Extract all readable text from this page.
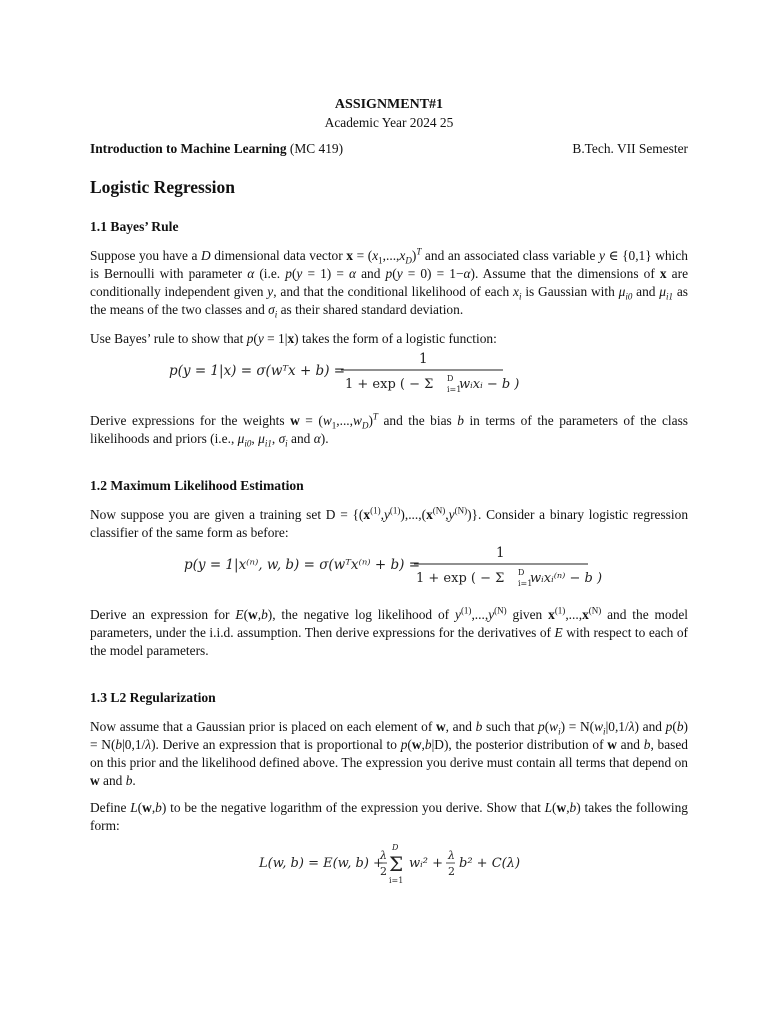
ASSIGNMENT#1

Academic Year 2024 25

Introduction to Machine Learning (MC 419)	B.Tech. VII Semester
Logistic Regression
1.1 Bayes’ Rule

Suppose you have a D dimensional data vector $x = (x_1,...,x_D)^T$ and an associated class variable y ∈ {0,1} which is Bernoulli with parameter α (i.e. p(y = 1) = α and p(y = 0) = 1−α). Assume that the dimensions of x are conditionally independent given y, and that the conditional likelihood of each $x_i$ is Gaussian with $\mu_{i0}$ and $\mu_{i1}$ as the means of the two classes and $\sigma_i$ as their shared standard deviation.

Use Bayes’ rule to show that p(y = 1|x) takes the form of a logistic function:

p(y = 1|x) = σ(wᵀx + b) =
1
1 + exp ( − Σ D
i=1
wᵢxᵢ − b )

Derive expressions for the weights $w = (w_1,...,w_D)^T$ and the bias b in terms of the parameters of the class likelihoods and priors (i.e., $\mu_{i0}$, $\mu_{i1}$, $\sigma_i$ and α).

1.2 Maximum Likelihood Estimation

Now suppose you are given a training set $D = \{(x^{(1)},y^{(1)}),...,(x^{(N)},y^{(N)})\}$. Consider a binary logistic regression classifier of the same form as before:

p(y = 1|x⁽ⁿ⁾, w, b) = σ(wᵀx⁽ⁿ⁾ + b) =
1
1 + exp ( − Σ D
i=1
wᵢxᵢ⁽ⁿ⁾ − b )

Derive an expression for E(w,b), the negative log likelihood of $y^{(1)},...,y^{(N)}$ given $x^{(1)},...,x^{(N)}$ and the model parameters, under the i.i.d. assumption. Then derive expressions for the derivatives of E with respect to each of the model parameters.

1.3 L2 Regularization

Now assume that a Gaussian prior is placed on each element of w, and b such that $p(w_i) = N(w_i|0,1/\lambda)$ and p(b) = N(b|0,1/λ). Derive an expression that is proportional to p(w,b|D), the posterior distribution of w and b, based on this prior and the likelihood defined above. The expression you derive must contain all terms that depend on w and b.

Define L(w,b) to be the negative logarithm of the expression you derive. Show that L(w,b) takes the following form:

L(w, b) = E(w, b) +
λ
2
D
Σ
i=1
wᵢ² +
λ
2
b² + C(λ)
